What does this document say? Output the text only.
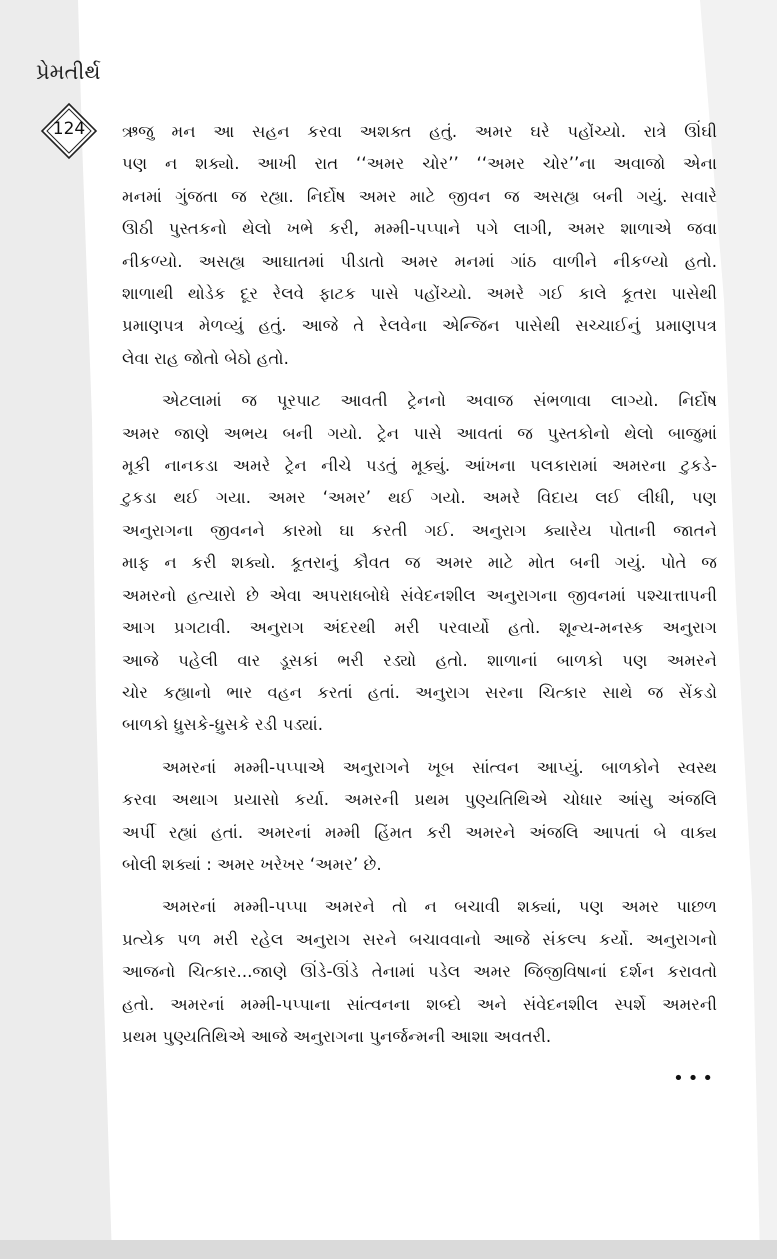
પ્રેમતીર્થ
124	ઋજુ મન આ સહન કરવા અશક્ત હતું. અમર ઘરે પહોંચ્યો. રાત્રે ઊંઘી
પણ ન શક્યો. આખી રાત ‘‘અમર ચોર’’ ‘‘અમર ચોર’’ના અવાજો એના
મનમાં ગુંજતા જ રહ્યા. નિર્દોષ અમર માટે જીવન જ અસહ્ય બની ગયું. સવારે
ઊઠી પુસ્તકનો થેલો ખભે કરી, મમ્મી-પપ્પાને પગે લાગી, અમર શાળાએ જવા
નીકળ્યો. અસહ્ય આઘાતમાં પીડાતો અમર મનમાં ગાંઠ વાળીને નીકળ્યો હતો.
શાળાથી થોડેક દૂર રેલવે ફાટક પાસે પહોંચ્યો. અમરે ગઈ કાલે કૂતરા પાસેથી
પ્રમાણપત્ર મેળવ્યું હતું. આજે તે રેલવેના એન્જિન પાસેથી સચ્ચાઈનું પ્રમાણપત્ર
લેવા રાહ જોતો બેઠો હતો.
એટલામાં જ પૂરપાટ આવતી ટ્રેનનો અવાજ સંભળાવા લાગ્યો. નિર્દોષ
અમર જાણે અભય બની ગયો. ટ્રેન પાસે આવતાં જ પુસ્તકોનો થેલો બાજુમાં
મૂકી નાનકડા અમરે ટ્રેન નીચે પડતું મૂક્યું. આંખના પલકારામાં અમરના ટુકડે-
ટુકડા થઈ ગયા. અમર ‘અમર’ થઈ ગયો. અમરે વિદાય લઈ લીધી, પણ
અનુરાગના જીવનને કારમો ઘા કરતી ગઈ. અનુરાગ ક્યારેય પોતાની જાતને
માફ ન કરી શક્યો. કૂતરાનું કૌવત જ અમર માટે મોત બની ગયું. પોતે જ
અમરનો હત્યારો છે એવા અપરાધબોધે સંવેદનશીલ અનુરાગના જીવનમાં પશ્ચાત્તાપની
આગ પ્રગટાવી. અનુરાગ અંદરથી મરી પરવાર્યો હતો. શૂન્ય-મનસ્ક અનુરાગ
આજે પહેલી વાર ડૂસકાં ભરી રડ્યો હતો. શાળાનાં બાળકો પણ અમરને
ચોર કહ્યાનો ભાર વહન કરતાં હતાં. અનુરાગ સરના ચિત્કાર સાથે જ સેંકડો
બાળકો ધ્રુસકે-ધ્રુસકે રડી પડ્યાં.
અમરનાં મમ્મી-પપ્પાએ અનુરાગને ખૂબ સાંત્વન આપ્યું. બાળકોને સ્વસ્થ
કરવા અથાગ પ્રયાસો કર્યા. અમરની પ્રથમ પુણ્યતિથિએ ચોધાર આંસુ અંજલિ
અર્પી રહ્યાં હતાં. અમરનાં મમ્મી હિંમત કરી અમરને અંજલિ આપતાં બે વાક્ય
બોલી શક્યાં : અમર ખરેખર ‘અમર’ છે.
અમરનાં મમ્મી-પપ્પા અમરને તો ન બચાવી શક્યાં, પણ અમર પાછળ
પ્રત્યેક પળ મરી રહેલ અનુરાગ સરને બચાવવાનો આજે સંકલ્પ કર્યો. અનુરાગનો
આજનો ચિત્કાર...જાણે ઊંડે-ઊંડે તેનામાં પડેલ અમર જિજીવિષાનાં દર્શન કરાવતો
હતો. અમરનાં મમ્મી-પપ્પાના સાંત્વનના શબ્દો અને સંવેદનશીલ સ્પર્શે અમરની
પ્રથમ પુણ્યતિથિએ આજે અનુરાગના પુનર્જન્મની આશા અવતરી.
•••
